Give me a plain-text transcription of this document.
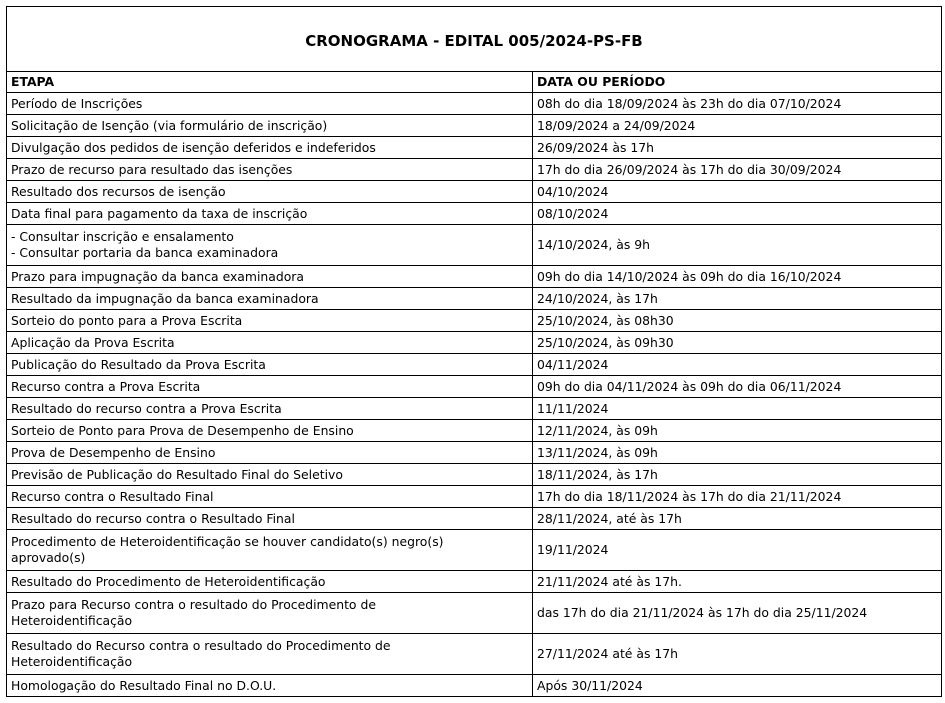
CRONOGRAMA - EDITAL 005/2024-PS-FB	
ETAPA	DATA OU PERÍODO

Período de Inscrições	08h do dia 18/09/2024 às 23h do dia 07/10/2024

Solicitação de Isenção (via formulário de inscrição)	18/09/2024 a 24/09/2024

Divulgação dos pedidos de isenção deferidos e indeferidos	26/09/2024 às 17h

Prazo de recurso para resultado das isenções	17h do dia 26/09/2024 às 17h do dia 30/09/2024

Resultado dos recursos de isenção	04/10/2024

Data final para pagamento da taxa de inscrição	08/10/2024

- Consultar inscrição e ensalamento
- Consultar portaria da banca examinadora	14/10/2024, às 9h

Prazo para impugnação da banca examinadora	09h do dia 14/10/2024 às 09h do dia 16/10/2024

Resultado da impugnação da banca examinadora	24/10/2024, às 17h

Sorteio do ponto para a Prova Escrita	25/10/2024, às 08h30

Aplicação da Prova Escrita	25/10/2024, às 09h30

Publicação do Resultado da Prova Escrita	04/11/2024

Recurso contra a Prova Escrita	09h do dia 04/11/2024 às 09h do dia 06/11/2024

Resultado do recurso contra a Prova Escrita	11/11/2024

Sorteio de Ponto para Prova de Desempenho de Ensino	12/11/2024, às 09h

Prova de Desempenho de Ensino	13/11/2024, às 09h

Previsão de Publicação do Resultado Final do Seletivo	18/11/2024, às 17h

Recurso contra o Resultado Final	17h do dia 18/11/2024 às 17h do dia 21/11/2024

Resultado do recurso contra o Resultado Final	28/11/2024, até às 17h

Procedimento de Heteroidentificação se houver candidato(s) negro(s)
aprovado(s)	19/11/2024

Resultado do Procedimento de Heteroidentificação	21/11/2024 até às 17h.

Prazo para Recurso contra o resultado do Procedimento de
Heteroidentificação	das 17h do dia 21/11/2024 às 17h do dia 25/11/2024

Resultado do Recurso contra o resultado do Procedimento de
Heteroidentificação	27/11/2024 até às 17h

Homologação do Resultado Final no D.O.U.	Após 30/11/2024
